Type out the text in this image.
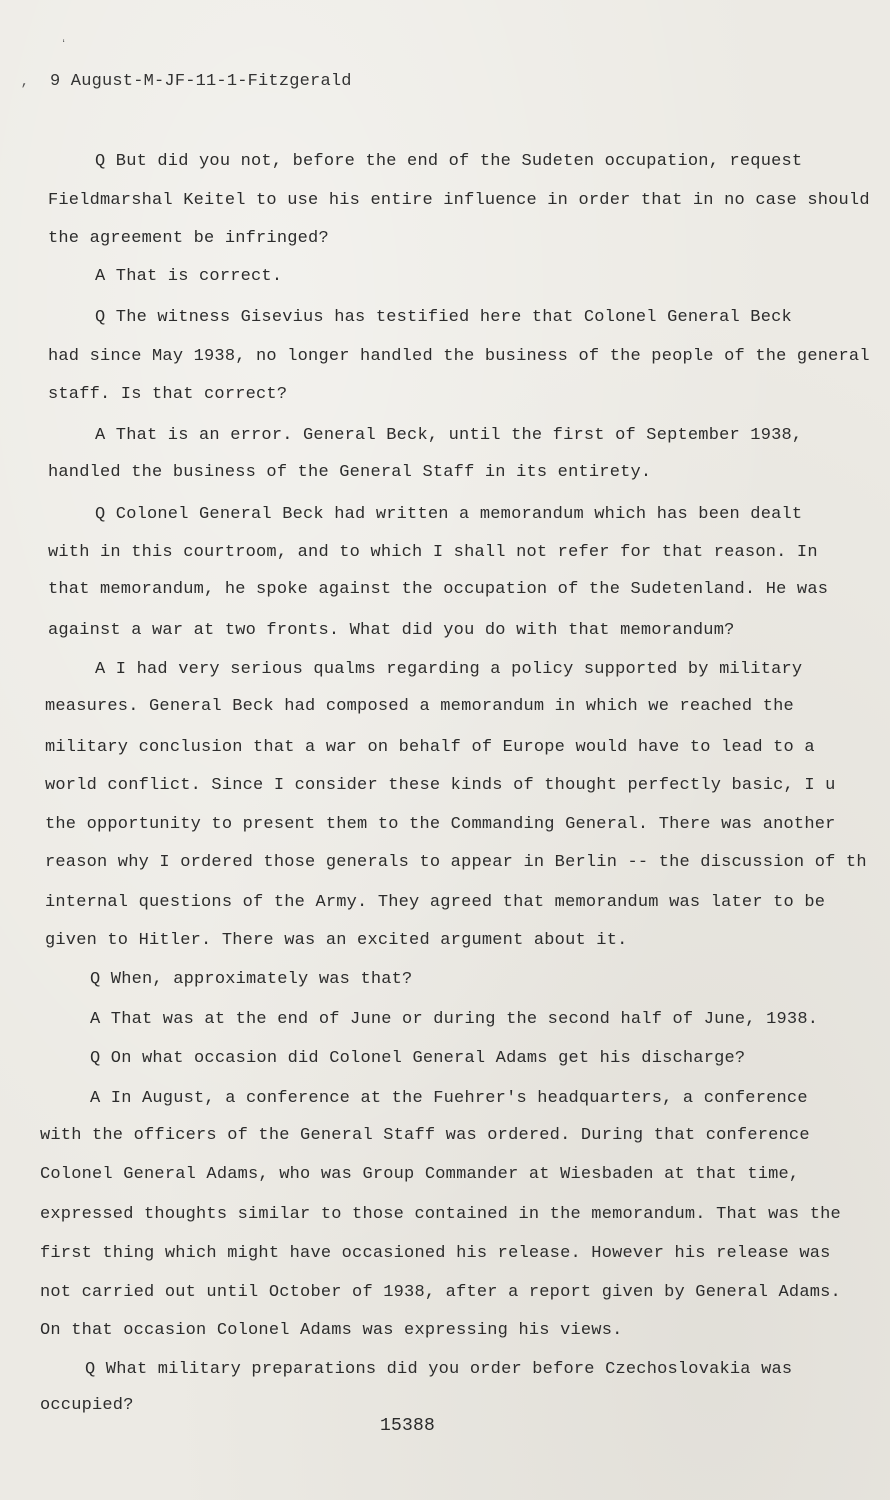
ʻ
‚ 9 August-M-JF-11-1-Fitzgerald
Q But did you not, before the end of the Sudeten occupation, request
Fieldmarshal Keitel to use his entire influence in order that in no case should
the agreement be infringed?
A That is correct.
Q The witness Gisevius has testified here that Colonel General Beck
had since May 1938, no longer handled the business of the people of the general
staff. Is that correct?
A That is an error. General Beck, until the first of September 1938,
handled the business of the General Staff in its entirety.
Q Colonel General Beck had written a memorandum which has been dealt
with in this courtroom, and to which I shall not refer for that reason. In
that memorandum, he spoke against the occupation of the Sudetenland. He was
against a war at two fronts. What did you do with that memorandum?
A I had very serious qualms regarding a policy supported by military
measures. General Beck had composed a memorandum in which we reached the
military conclusion that a war on behalf of Europe would have to lead to a
world conflict. Since I consider these kinds of thought perfectly basic, I u
the opportunity to present them to the Commanding General. There was another
reason why I ordered those generals to appear in Berlin -- the discussion of th
internal questions of the Army. They agreed that memorandum was later to be
given to Hitler. There was an excited argument about it.
Q When, approximately was that?
A That was at the end of June or during the second half of June, 1938.
Q On what occasion did Colonel General Adams get his discharge?
A In August, a conference at the Fuehrer's headquarters, a conference
with the officers of the General Staff was ordered. During that conference
Colonel General Adams, who was Group Commander at Wiesbaden at that time,
expressed thoughts similar to those contained in the memorandum. That was the
first thing which might have occasioned his release. However his release was
not carried out until October of 1938, after a report given by General Adams.
On that occasion Colonel Adams was expressing his views.
Q What military preparations did you order before Czechoslovakia was
occupied?
15388
